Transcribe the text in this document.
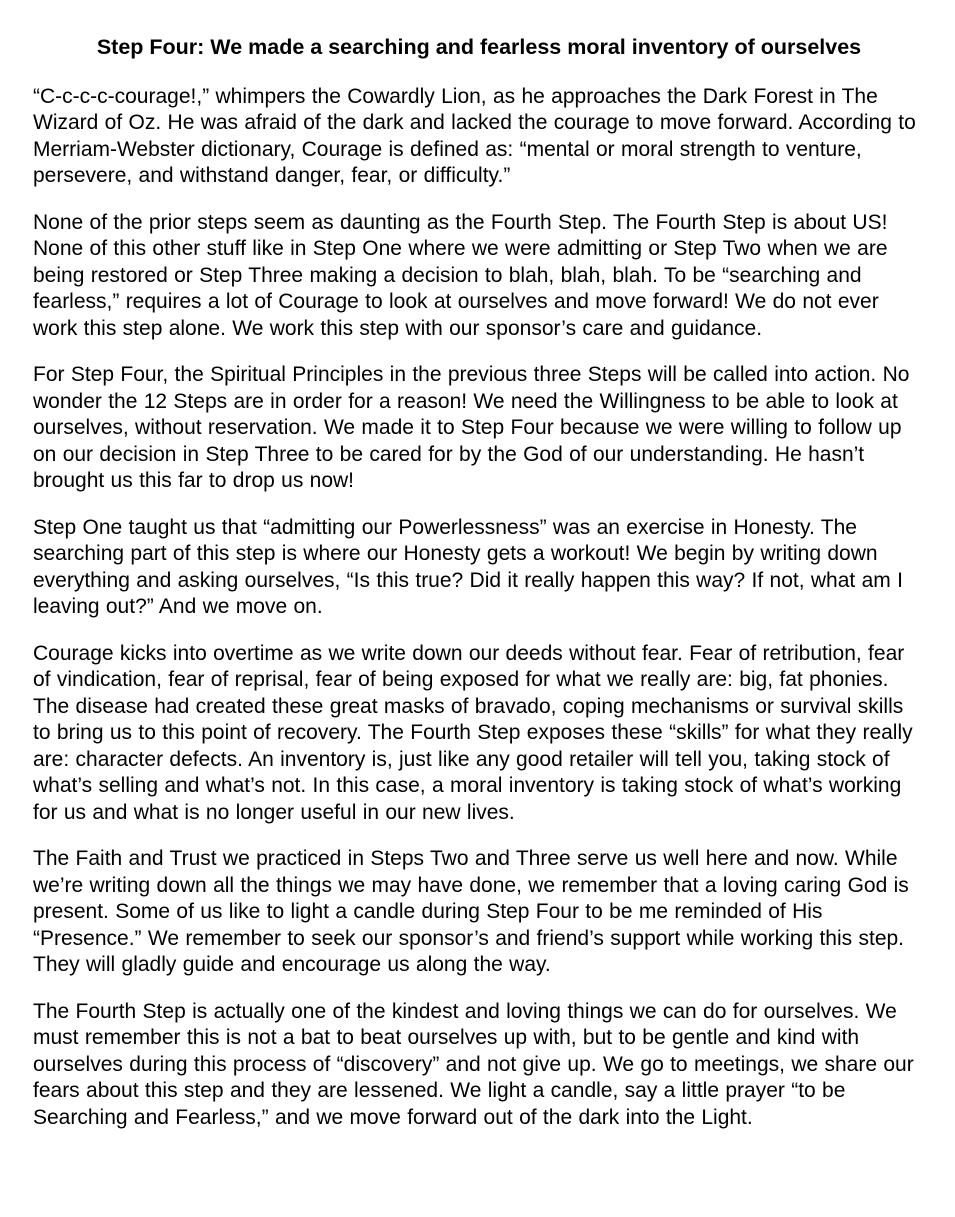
Step Four: We made a searching and fearless moral inventory of ourselves

“C-c-c-c-courage!,” whimpers the Cowardly Lion, as he approaches the Dark Forest in The Wizard of Oz. He was afraid of the dark and lacked the courage to move forward. According to Merriam-Webster dictionary, Courage is defined as: “mental or moral strength to venture, persevere, and withstand danger, fear, or difficulty.”

None of the prior steps seem as daunting as the Fourth Step. The Fourth Step is about US! None of this other stuff like in Step One where we were admitting or Step Two when we are being restored or Step Three making a decision to blah, blah, blah. To be “searching and fearless,” requires a lot of Courage to look at ourselves and move forward! We do not ever work this step alone. We work this step with our sponsor’s care and guidance.

For Step Four, the Spiritual Principles in the previous three Steps will be called into action. No wonder the 12 Steps are in order for a reason! We need the Willingness to be able to look at ourselves, without reservation. We made it to Step Four because we were willing to follow up on our decision in Step Three to be cared for by the God of our understanding. He hasn’t brought us this far to drop us now!

Step One taught us that “admitting our Powerlessness” was an exercise in Honesty. The searching part of this step is where our Honesty gets a workout! We begin by writing down everything and asking ourselves, “Is this true? Did it really happen this way? If not, what am I leaving out?” And we move on.

Courage kicks into overtime as we write down our deeds without fear. Fear of retribution, fear of vindication, fear of reprisal, fear of being exposed for what we really are: big, fat phonies. The disease had created these great masks of bravado, coping mechanisms or survival skills to bring us to this point of recovery. The Fourth Step exposes these “skills” for what they really are: character defects. An inventory is, just like any good retailer will tell you, taking stock of what’s selling and what’s not. In this case, a moral inventory is taking stock of what’s working for us and what is no longer useful in our new lives.

The Faith and Trust we practiced in Steps Two and Three serve us well here and now. While we’re writing down all the things we may have done, we remember that a loving caring God is present. Some of us like to light a candle during Step Four to be me reminded of His “Presence.” We remember to seek our sponsor’s and friend’s support while working this step. They will gladly guide and encourage us along the way.

The Fourth Step is actually one of the kindest and loving things we can do for ourselves. We must remember this is not a bat to beat ourselves up with, but to be gentle and kind with ourselves during this process of “discovery” and not give up. We go to meetings, we share our fears about this step and they are lessened. We light a candle, say a little prayer “to be Searching and Fearless,” and we move forward out of the dark into the Light.
